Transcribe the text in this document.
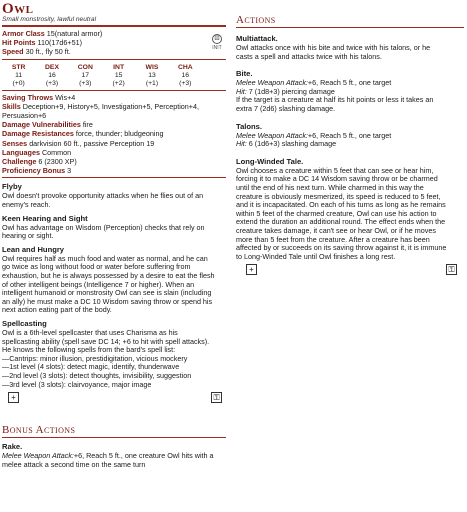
Owl
Small monstrosity, lawful neutral
⚄
INIT
Armor Class 15(natural armor)
Hit Points 110(17d6+51)
Speed 30 ft., fly 50 ft.
STR	DEX	CON	INT	WIS	CHA
11	16	17	15	13	16
(+0)	(+3)	(+3)	(+2)	(+1)	(+3)
Saving Throws Wis+4
Skills Deception+9, History+5, Investigation+5, Perception+4,
Persuasion+6
Damage Vulnerabilities fire
Damage Resistances force, thunder; bludgeoning
Senses darkvision 60 ft., passive Perception 19
Languages Common
Challenge 6 (2300 XP)
Proficiency Bonus 3
Flyby
Owl doesn't provoke opportunity attacks when he flies out of an
enemy's reach.
Keen Hearing and Sight
Owl has advantage on Wisdom (Perception) checks that rely on
hearing or sight.
Lean and Hungry
Owl requires half as much food and water as normal, and he can
go twice as long without food or water before suffering from
exhaustion, but he is always possessed by a desire to eat the flesh
of other intelligent beings (Intelligence 7 or higher). When an
intelligent humanoid or monstrosity Owl can see is slain (including
an ally) he must make a DC 10 Wisdom saving throw or spend his
next action eating part of the body.
Spellcasting
Owl is a 6th-level spellcaster that uses Charisma as his
spellcasting ability (spell save DC 14; +6 to hit with spell attacks).
He knows the following spells from the bard's spell list:
—Cantrips: minor illusion, prestidigitation, vicious mockery
—1st level (4 slots): detect magic, identify, thunderwave
—2nd level (3 slots): detect thoughts, invisibility, suggestion
—3rd level (3 slots): clairvoyance, major image
+	⚿
Bonus Actions
Rake.
Melee Weapon Attack:+6, Reach 5 ft., one creature Owl hits with a
melee attack a second time on the same turn
Actions
Multiattack.
Owl attacks once with his bite and twice with his talons, or he
casts a spell and attacks twice with his talons.
Bite.
Melee Weapon Attack:+6, Reach 5 ft., one target
Hit: 7 (1d8+3) piercing damage
If the target is a creature at half its hit points or less it takes an
extra 7 (2d6) slashing damage.
Talons.
Melee Weapon Attack:+6, Reach 5 ft., one target
Hit: 6 (1d6+3) slashing damage
Long-Winded Tale.
Owl chooses a creature within 5 feet that can see or hear him,
forcing it to make a DC 14 Wisdom saving throw or be charmed
until the end of his next turn. While charmed in this way the
creature is obviously mesmerized, its speed is reduced to 5 feet,
and it is incapacitated. On each of his turns as long as he remains
within 5 feet of the charmed creature, Owl can use his action to
extend the duration an additional round. The effect ends when the
creature takes damage, it can't see or hear Owl, or if he moves
more than 5 feet from the creature. After a creature has been
affected by or succeeds on its saving throw against it, it is immune
to Long-Winded Tale until Owl finishes a long rest.
+	⚿
